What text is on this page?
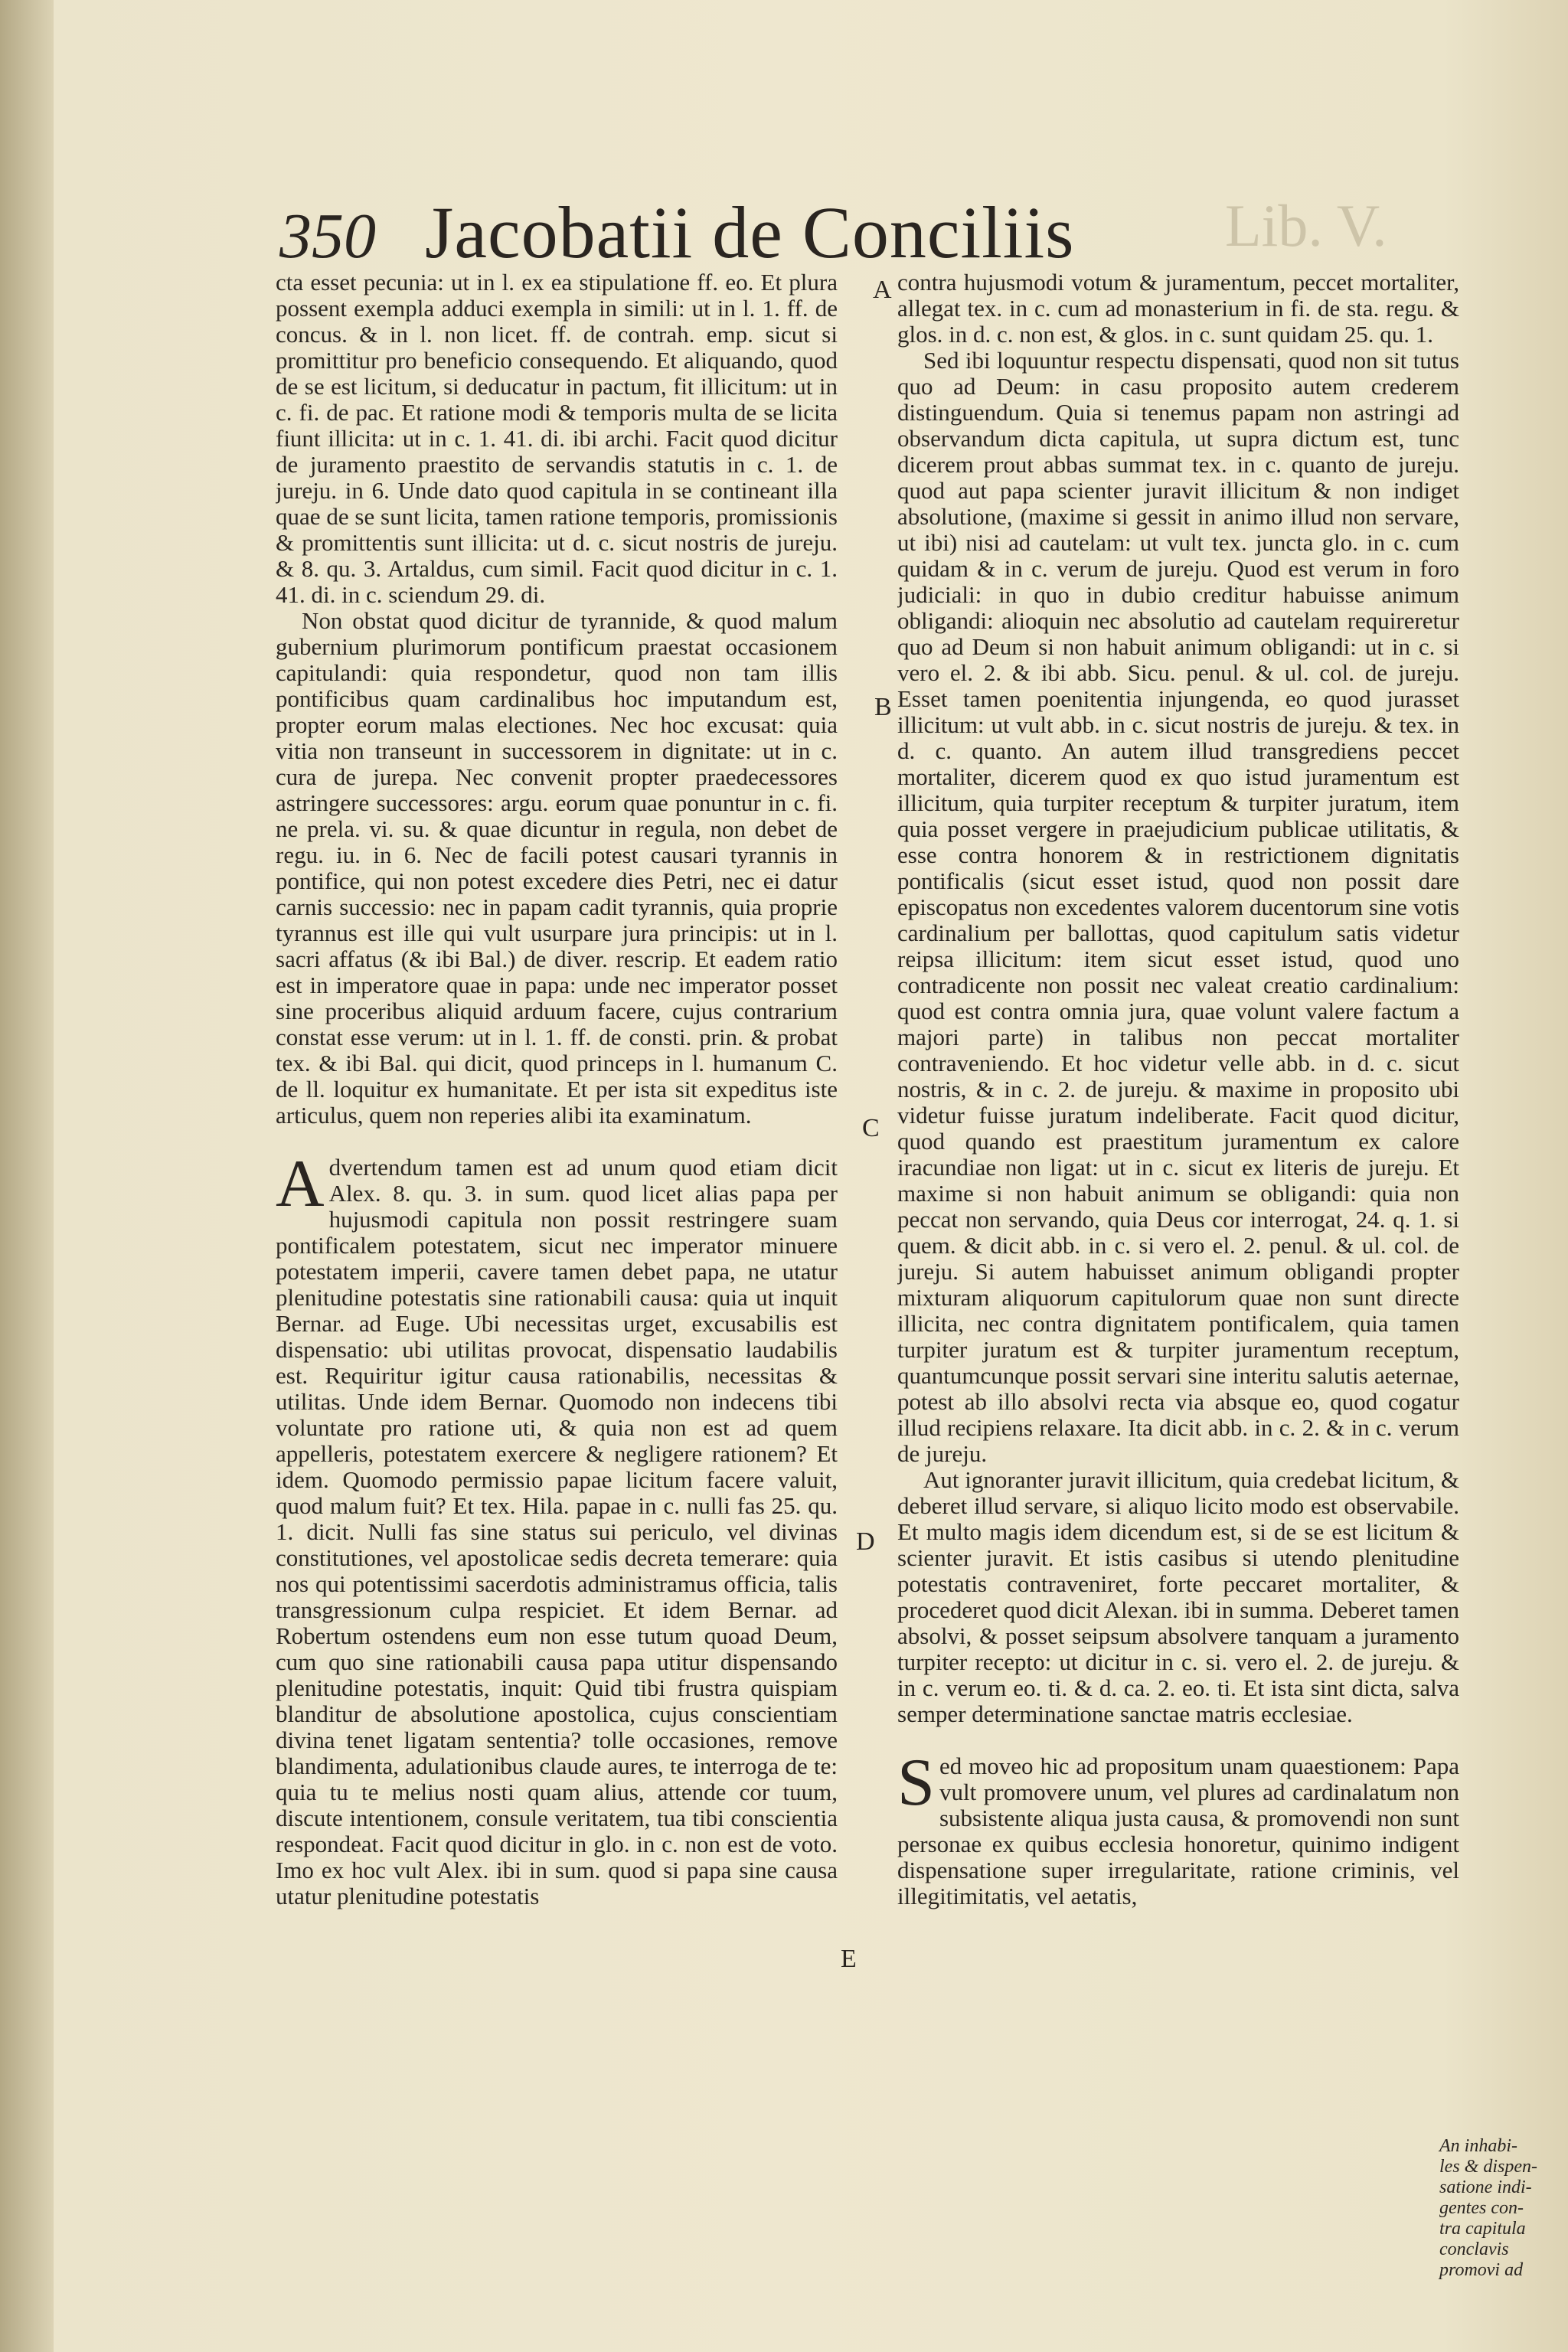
Lib. V.
350 Jacobatii de Conciliis

cta esset pecunia: ut in l. ex ea stipulatione ff. eo. Et plura possent exempla adduci exempla in simili: ut in l. 1. ff. de concus. & in l. non licet. ff. de contrah. emp. sicut si promittitur pro beneficio consequendo. Et aliquando, quod de se est licitum, si deducatur in pactum, fit illicitum: ut in c. fi. de pac. Et ratione modi & temporis multa de se licita fiunt illicita: ut in c. 1. 41. di. ibi archi. Facit quod dicitur de juramento praestito de servandis statutis in c. 1. de jureju. in 6. Unde dato quod capitula in se contineant illa quae de se sunt licita, tamen ratione temporis, promissionis & promittentis sunt illicita: ut d. c. sicut nostris de jureju. & 8. qu. 3. Artaldus, cum simil. Facit quod dicitur in c. 1. 41. di. in c. sciendum 29. di.

Non obstat quod dicitur de tyrannide, & quod malum gubernium plurimorum pontificum praestat occasionem capitulandi: quia respondetur, quod non tam illis pontificibus quam cardinalibus hoc imputandum est, propter eorum malas electiones. Nec hoc excusat: quia vitia non transeunt in successorem in dignitate: ut in c. cura de jurepa. Nec convenit propter praedecessores astringere successores: argu. eorum quae ponuntur in c. fi. ne prela. vi. su. & quae dicuntur in regula, non debet de regu. iu. in 6. Nec de facili potest causari tyrannis in pontifice, qui non potest excedere dies Petri, nec ei datur carnis successio: nec in papam cadit tyrannis, quia proprie tyrannus est ille qui vult usurpare jura principis: ut in l. sacri affatus (& ibi Bal.) de diver. rescrip. Et eadem ratio est in imperatore quae in papa: unde nec imperator posset sine proceribus aliquid arduum facere, cujus contrarium constat esse verum: ut in l. 1. ff. de consti. prin. & probat tex. & ibi Bal. qui dicit, quod princeps in l. humanum C. de ll. loquitur ex humanitate. Et per ista sit expeditus iste articulus, quem non reperies alibi ita examinatum.

Advertendum tamen est ad unum quod etiam dicit Alex. 8. qu. 3. in sum. quod licet alias papa per hujusmodi capitula non possit restringere suam pontificalem potestatem, sicut nec imperator minuere potestatem imperii, cavere tamen debet papa, ne utatur plenitudine potestatis sine rationabili causa: quia ut inquit Bernar. ad Euge. Ubi necessitas urget, excusabilis est dispensatio: ubi utilitas provocat, dispensatio laudabilis est. Requiritur igitur causa rationabilis, necessitas & utilitas. Unde idem Bernar. Quomodo non indecens tibi voluntate pro ratione uti, & quia non est ad quem appelleris, potestatem exercere & negligere rationem? Et idem. Quomodo permissio papae licitum facere valuit, quod malum fuit? Et tex. Hila. papae in c. nulli fas 25. qu. 1. dicit. Nulli fas sine status sui periculo, vel divinas constitutiones, vel apostolicae sedis decreta temerare: quia nos qui potentissimi sacerdotis administramus officia, talis transgressionum culpa respiciet. Et idem Bernar. ad Robertum ostendens eum non esse tutum quoad Deum, cum quo sine rationabili causa papa utitur dispensando plenitudine potestatis, inquit: Quid tibi frustra quispiam blanditur de absolutione apostolica, cujus conscientiam divina tenet ligatam sententia? tolle occasiones, remove blandimenta, adulationibus claude aures, te interroga de te: quia tu te melius nosti quam alius, attende cor tuum, discute intentionem, consule veritatem, tua tibi conscientia respondeat. Facit quod dicitur in glo. in c. non est de voto. Imo ex hoc vult Alex. ibi in sum. quod si papa sine causa utatur plenitudine potestatis

contra hujusmodi votum & juramentum, peccet mortaliter, allegat tex. in c. cum ad monasterium in fi. de sta. regu. & glos. in d. c. non est, & glos. in c. sunt quidam 25. qu. 1.

Sed ibi loquuntur respectu dispensati, quod non sit tutus quo ad Deum: in casu proposito autem crederem distinguendum. Quia si tenemus papam non astringi ad observandum dicta capitula, ut supra dictum est, tunc dicerem prout abbas summat tex. in c. quanto de jureju. quod aut papa scienter juravit illicitum & non indiget absolutione, (maxime si gessit in animo illud non servare, ut ibi) nisi ad cautelam: ut vult tex. juncta glo. in c. cum quidam & in c. verum de jureju. Quod est verum in foro judiciali: in quo in dubio creditur habuisse animum obligandi: alioquin nec absolutio ad cautelam requireretur quo ad Deum si non habuit animum obligandi: ut in c. si vero el. 2. & ibi abb. Sicu. penul. & ul. col. de jureju. Esset tamen poenitentia injungenda, eo quod jurasset illicitum: ut vult abb. in c. sicut nostris de jureju. & tex. in d. c. quanto. An autem illud transgrediens peccet mortaliter, dicerem quod ex quo istud juramentum est illicitum, quia turpiter receptum & turpiter juratum, item quia posset vergere in praejudicium publicae utilitatis, & esse contra honorem & in restrictionem dignitatis pontificalis (sicut esset istud, quod non possit dare episcopatus non excedentes valorem ducentorum sine votis cardinalium per ballottas, quod capitulum satis videtur reipsa illicitum: item sicut esset istud, quod uno contradicente non possit nec valeat creatio cardinalium: quod est contra omnia jura, quae volunt valere factum a majori parte) in talibus non peccat mortaliter contraveniendo. Et hoc videtur velle abb. in d. c. sicut nostris, & in c. 2. de jureju. & maxime in proposito ubi videtur fuisse juratum indeliberate. Facit quod dicitur, quod quando est praestitum juramentum ex calore iracundiae non ligat: ut in c. sicut ex literis de jureju. Et maxime si non habuit animum se obligandi: quia non peccat non servando, quia Deus cor interrogat, 24. q. 1. si quem. & dicit abb. in c. si vero el. 2. penul. & ul. col. de jureju. Si autem habuisset animum obligandi propter mixturam aliquorum capitulorum quae non sunt directe illicita, nec contra dignitatem pontificalem, quia tamen turpiter juratum est & turpiter juramentum receptum, quantumcunque possit servari sine interitu salutis aeternae, potest ab illo absolvi recta via absque eo, quod cogatur illud recipiens relaxare. Ita dicit abb. in c. 2. & in c. verum de jureju.

Aut ignoranter juravit illicitum, quia credebat licitum, & deberet illud servare, si aliquo licito modo est observabile. Et multo magis idem dicendum est, si de se est licitum & scienter juravit. Et istis casibus si utendo plenitudine potestatis contraveniret, forte peccaret mortaliter, & procederet quod dicit Alexan. ibi in summa. Deberet tamen absolvi, & posset seipsum absolvere tanquam a juramento turpiter recepto: ut dicitur in c. si. vero el. 2. de jureju. & in c. verum eo. ti. & d. ca. 2. eo. ti. Et ista sint dicta, salva semper determinatione sanctae matris ecclesiae.

Sed moveo hic ad propositum unam quaestionem: Papa vult promovere unum, vel plures ad cardinalatum non subsistente aliqua justa causa, & promovendi non sunt personae ex quibus ecclesia honoretur, quinimo indigent dispensatione super irregularitate, ratione criminis, vel illegitimitatis, vel aetatis,

A
B
C
D
E
An inhabi-
les & dispen-
satione indi-
gentes con-
tra capitula
conclavis
promovi ad
